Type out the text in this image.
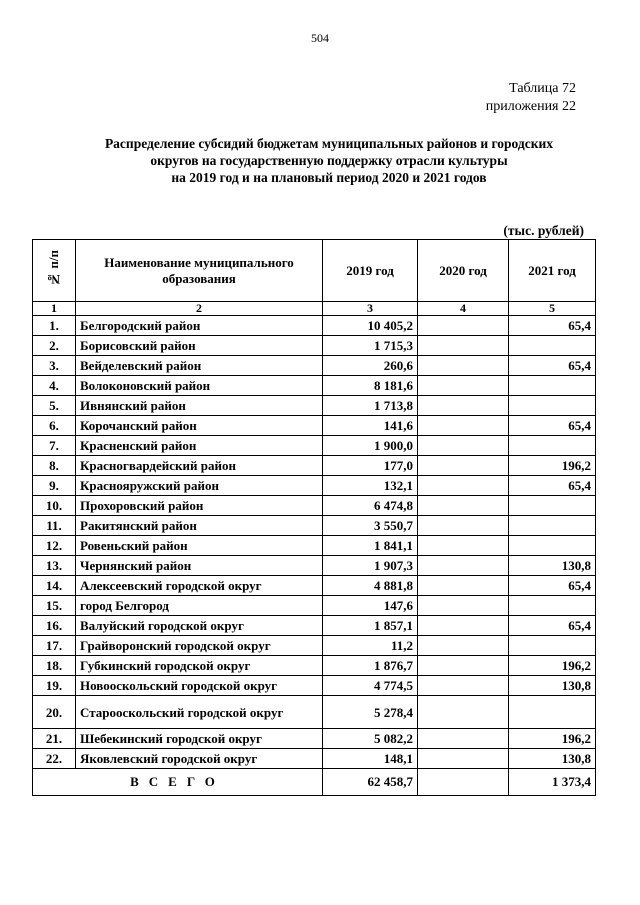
504
Таблица 72
приложения 22
Распределение субсидий бюджетам муниципальных районов и городских
округов на государственную поддержку отрасли культуры
на 2019 год и на плановый период 2020 и 2021 годов
(тыс. рублей)
№ п/п	Наименование муниципального образования	2019 год	2020 год	2021 год
1	2	3	4	5
1.	Белгородский район	10 405,2		65,4
2.	Борисовский район	1 715,3		
3.	Вейделевский район	260,6		65,4
4.	Волоконовский район	8 181,6		
5.	Ивнянский район	1 713,8		
6.	Корочанский район	141,6		65,4
7.	Красненский район	1 900,0		
8.	Красногвардейский район	177,0		196,2
9.	Краснояружский район	132,1		65,4
10.	Прохоровский район	6 474,8		
11.	Ракитянский район	3 550,7		
12.	Ровеньский район	1 841,1		
13.	Чернянский район	1 907,3		130,8
14.	Алексеевский городской округ	4 881,8		65,4
15.	город Белгород	147,6		
16.	Валуйский городской округ	1 857,1		65,4
17.	Грайворонский городской округ	11,2		
18.	Губкинский городской округ	1 876,7		196,2
19.	Новооскольский городской округ	4 774,5		130,8
20.	Старооскольский городской округ	5 278,4		
21.	Шебекинский городской округ	5 082,2		196,2
22.	Яковлевский городской округ	148,1		130,8
ВСЕГО		62 458,7		1 373,4
